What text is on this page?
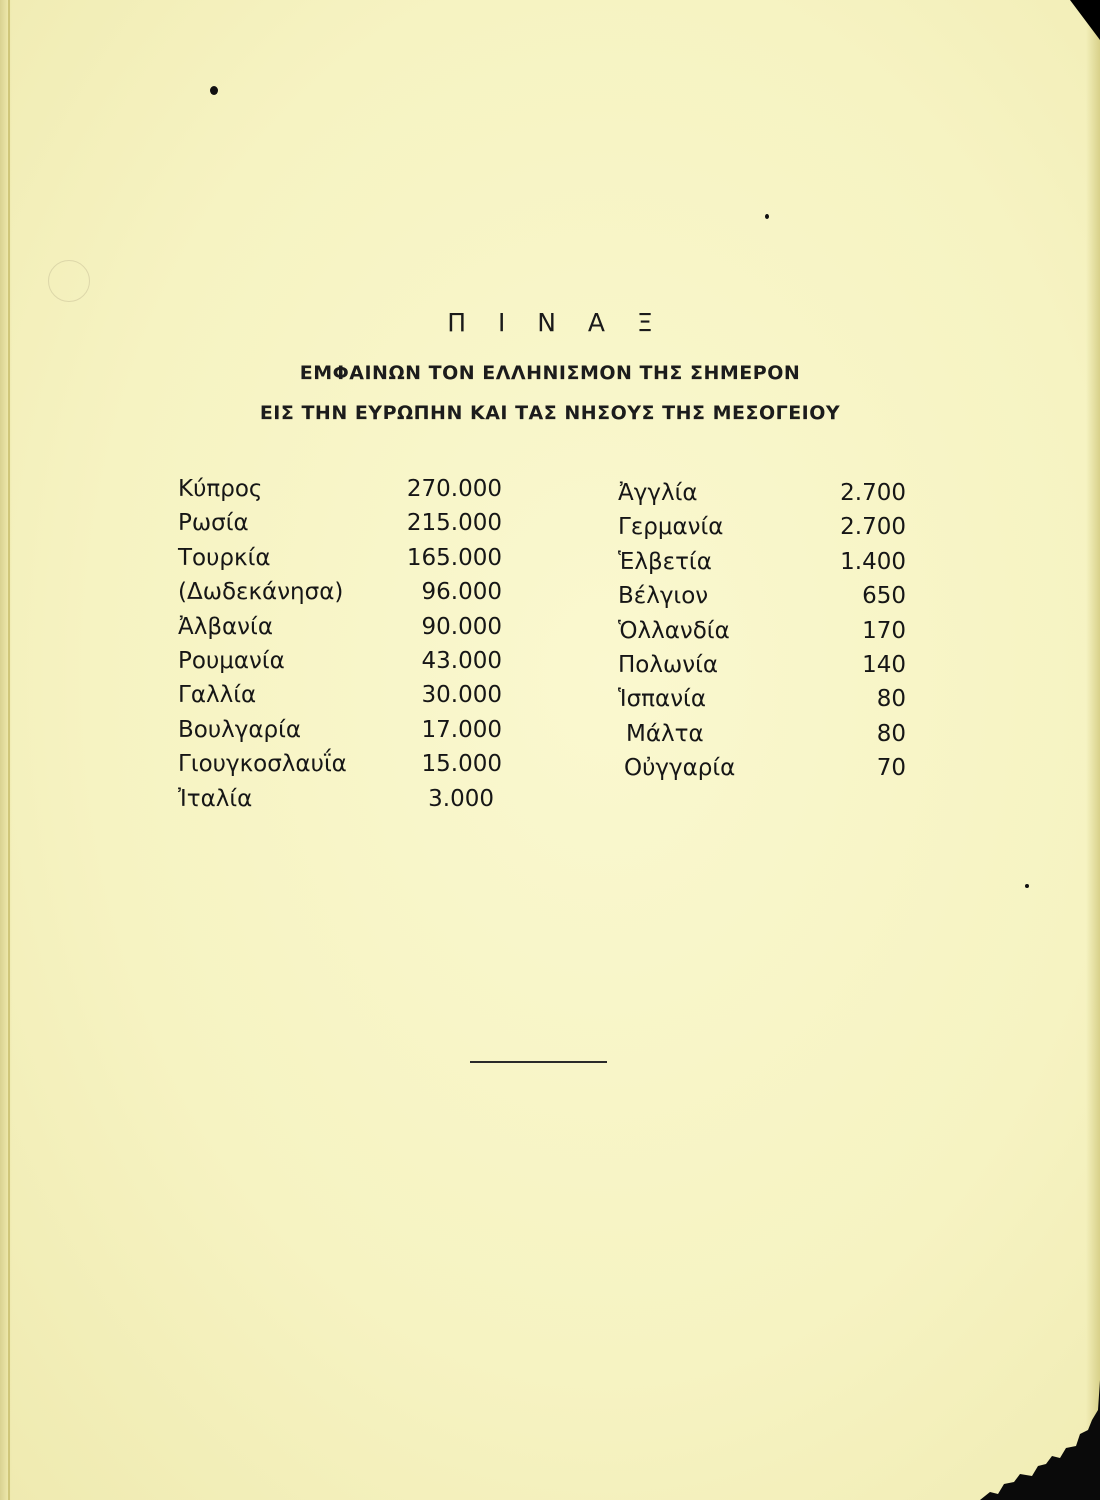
Π Ι Ν Α Ξ
ΕΜΦΑΙΝΩΝ ΤΟΝ ΕΛΛΗΝΙΣΜΟΝ ΤΗΣ ΣΗΜΕΡΟΝ
ΕΙΣ ΤΗΝ ΕΥΡΩΠΗΝ ΚΑΙ ΤΑΣ ΝΗΣΟΥΣ ΤΗΣ ΜΕΣΟΓΕΙΟΥ
Κύπρος	270.000
Ρωσία	215.000
Τουρκία	165.000
(Δωδεκάνησα)	96.000
Ἀλβανία	90.000
Ρουμανία	43.000
Γαλλία	30.000
Βουλγαρία	17.000
Γιουγκοσλαυΐα	15.000
Ἰταλία	3.000
Ἀγγλία	2.700
Γερμανία	2.700
Ἑλβετία	1.400
Βέλγιον	650
Ὁλλανδία	170
Πολωνία	140
Ἱσπανία	80
Μάλτα	80
Οὐγγαρία	70
